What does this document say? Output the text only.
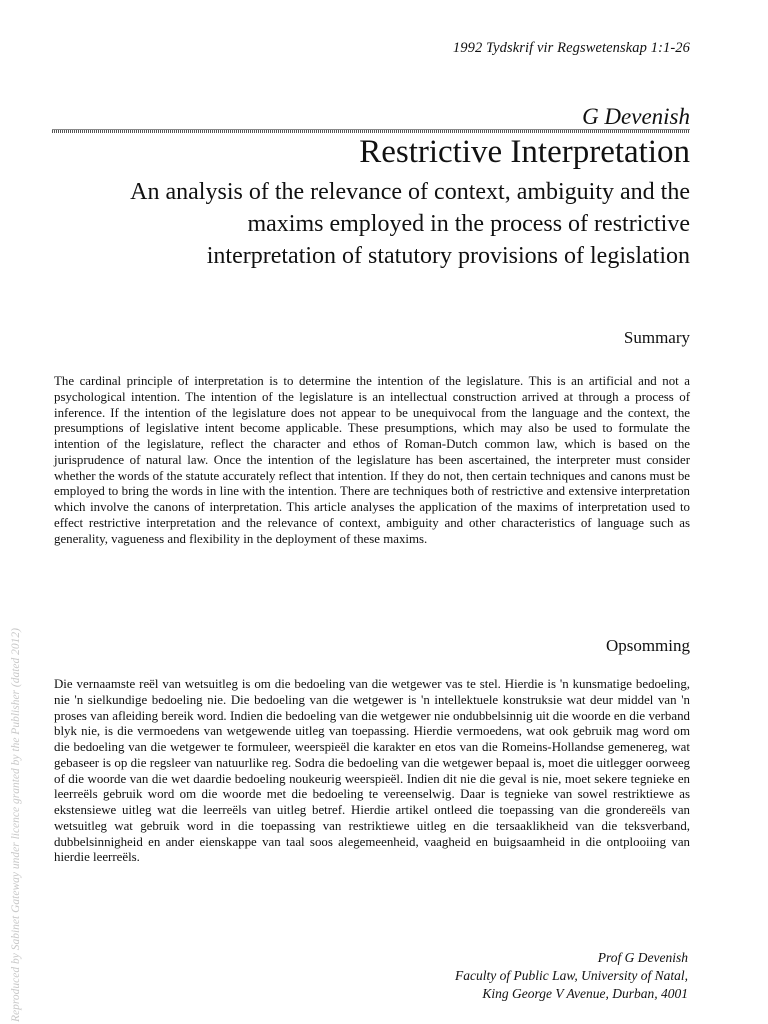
1992 Tydskrif vir Regswetenskap 1:1-26
G Devenish
Restrictive Interpretation
An analysis of the relevance of context, ambiguity and the maxims employed in the process of restrictive interpretation of statutory provisions of legislation
Summary
The cardinal principle of interpretation is to determine the intention of the legislature. This is an artificial and not a psychological intention. The intention of the legislature is an intellectual construction arrived at through a process of inference. If the intention of the legislature does not appear to be unequivocal from the language and the context, the presumptions of legislative intent become applicable. These presumptions, which may also be used to formulate the intention of the legislature, reflect the character and ethos of Roman-Dutch common law, which is based on the jurisprudence of natural law. Once the intention of the legislature has been ascertained, the interpreter must consider whether the words of the statute accurately reflect that intention. If they do not, then certain techniques and canons must be employed to bring the words in line with the intention. There are techniques both of restrictive and extensive interpretation which involve the canons of interpretation. This article analyses the application of the maxims of interpretation used to effect restrictive interpretation and the relevance of context, ambiguity and other characteristics of language such as generality, vagueness and flexibility in the deployment of these maxims.
Opsomming
Die vernaamste reël van wetsuitleg is om die bedoeling van die wetgewer vas te stel. Hierdie is 'n kunsmatige bedoeling, nie 'n sielkundige bedoeling nie. Die bedoeling van die wetgewer is 'n intellektuele konstruksie wat deur middel van 'n proses van afleiding bereik word. Indien die bedoeling van die wetgewer nie ondubbelsinnig uit die woorde en die verband blyk nie, is die vermoedens van wetgewende uitleg van toepassing. Hierdie vermoedens, wat ook gebruik mag word om die bedoeling van die wetgewer te formuleer, weerspieël die karakter en etos van die Romeins-Hollandse gemenereg, wat gebaseer is op die regsleer van natuurlike reg. Sodra die bedoeling van die wetgewer bepaal is, moet die uitlegger oorweeg of die woorde van die wet daardie bedoeling noukeurig weerspieël. Indien dit nie die geval is nie, moet sekere tegnieke en leerreëls gebruik word om die woorde met die bedoeling te vereenselwig. Daar is tegnieke van sowel restriktiewe as ekstensiewe uitleg wat die leerreëls van uitleg betref. Hierdie artikel ontleed die toepassing van die grondereëls van wetsuitleg wat gebruik word in die toepassing van restriktiewe uitleg en die tersaaklikheid van die teksverband, dubbelsinnigheid en ander eienskappe van taal soos alegemeenheid, vaagheid en buigsaamheid in die ontplooiing van hierdie leerreëls.
Prof G Devenish
Faculty of Public Law, University of Natal,
King George V Avenue, Durban, 4001
Reproduced by Sabinet Gateway under licence granted by the Publisher (dated 2012)
